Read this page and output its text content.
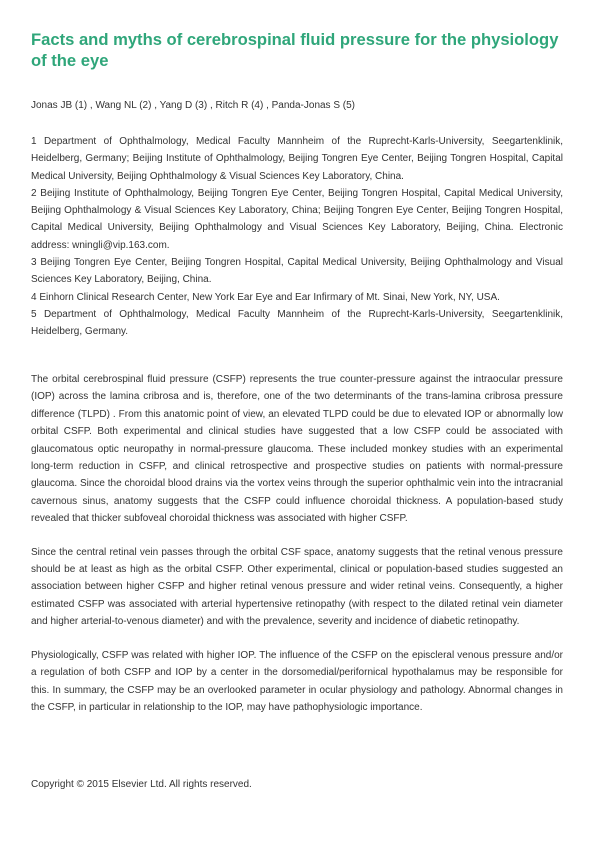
Facts and myths of cerebrospinal fluid pressure for the physiology of the eye

Jonas JB (1) , Wang NL (2) , Yang D (3) , Ritch R (4) , Panda-Jonas S (5)

1 Department of Ophthalmology, Medical Faculty Mannheim of the Ruprecht-Karls-University, Seegartenklinik, Heidelberg, Germany; Beijing Institute of Ophthalmology, Beijing Tongren Eye Center, Beijing Tongren Hospital, Capital Medical University, Beijing Ophthalmology & Visual Sciences Key Laboratory, China.

2 Beijing Institute of Ophthalmology, Beijing Tongren Eye Center, Beijing Tongren Hospital, Capital Medical University, Beijing Ophthalmology & Visual Sciences Key Laboratory, China; Beijing Tongren Eye Center, Beijing Tongren Hospital, Capital Medical University, Beijing Ophthalmology and Visual Sciences Key Laboratory, Beijing, China. Electronic address: wningli@vip.163.com.

3 Beijing Tongren Eye Center, Beijing Tongren Hospital, Capital Medical University, Beijing Ophthalmology and Visual Sciences Key Laboratory, Beijing, China.

4 Einhorn Clinical Research Center, New York Ear Eye and Ear Infirmary of Mt. Sinai, New York, NY, USA.

5 Department of Ophthalmology, Medical Faculty Mannheim of the Ruprecht-Karls-University, Seegartenklinik, Heidelberg, Germany.

The orbital cerebrospinal fluid pressure (CSFP) represents the true counter-pressure against the intraocular pressure (IOP) across the lamina cribrosa and is, therefore, one of the two determinants of the trans-lamina cribrosa pressure difference (TLPD) . From this anatomic point of view, an elevated TLPD could be due to elevated IOP or abnormally low orbital CSFP. Both experimental and clinical studies have suggested that a low CSFP could be associated with glaucomatous optic neuropathy in normal-pressure glaucoma. These included monkey studies with an experimental long-term reduction in CSFP, and clinical retrospective and prospective studies on patients with normal-pressure glaucoma. Since the choroidal blood drains via the vortex veins through the superior ophthalmic vein into the intracranial cavernous sinus, anatomy suggests that the CSFP could influence choroidal thickness. A population-based study revealed that thicker subfoveal choroidal thickness was associated with higher CSFP.

Since the central retinal vein passes through the orbital CSF space, anatomy suggests that the retinal venous pressure should be at least as high as the orbital CSFP. Other experimental, clinical or population-based studies suggested an association between higher CSFP and higher retinal venous pressure and wider retinal veins. Consequently, a higher estimated CSFP was associated with arterial hypertensive retinopathy (with respect to the dilated retinal vein diameter and higher arterial-to-venous diameter) and with the prevalence, severity and incidence of diabetic retinopathy.

Physiologically, CSFP was related with higher IOP. The influence of the CSFP on the episcleral venous pressure and/or a regulation of both CSFP and IOP by a center in the dorsomedial/perifornical hypothalamus may be responsible for this. In summary, the CSFP may be an overlooked parameter in ocular physiology and pathology. Abnormal changes in the CSFP, in particular in relationship to the IOP, may have pathophysiologic importance.

Copyright © 2015 Elsevier Ltd. All rights reserved.
